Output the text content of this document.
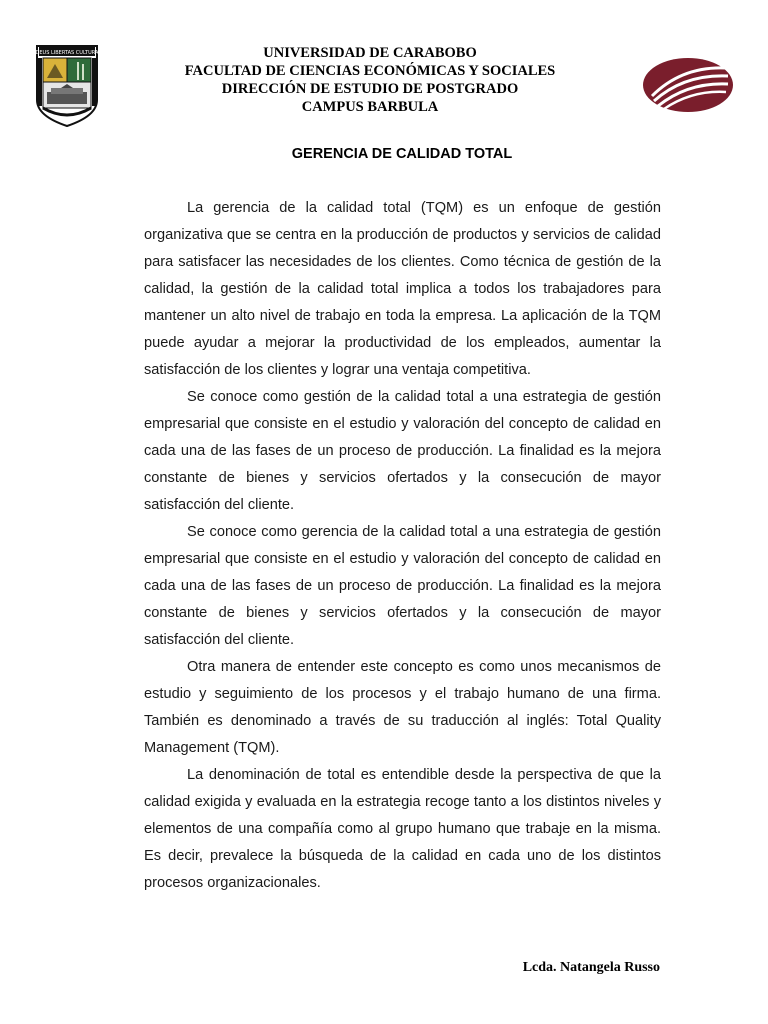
DEUS LIBERTAS CULTURA	UNIVERSIDAD DE CARABOBO
FACULTAD DE CIENCIAS ECONÓMICAS Y SOCIALES
DIRECCIÓN DE ESTUDIO DE POSTGRADO
CAMPUS BARBULA
GERENCIA DE CALIDAD TOTAL

La gerencia de la calidad total (TQM) es un enfoque de gestión organizativa que se centra en la producción de productos y servicios de calidad para satisfacer las necesidades de los clientes. Como técnica de gestión de la calidad, la gestión de la calidad total implica a todos los trabajadores para mantener un alto nivel de trabajo en toda la empresa. La aplicación de la TQM puede ayudar a mejorar la productividad de los empleados, aumentar la satisfacción de los clientes y lograr una ventaja competitiva.

Se conoce como gestión de la calidad total a una estrategia de gestión empresarial que consiste en el estudio y valoración del concepto de calidad en cada una de las fases de un proceso de producción. La finalidad es la mejora constante de bienes y servicios ofertados y la consecución de mayor satisfacción del cliente.

Se conoce como gerencia de la calidad total a una estrategia de gestión empresarial que consiste en el estudio y valoración del concepto de calidad en cada una de las fases de un proceso de producción. La finalidad es la mejora constante de bienes y servicios ofertados y la consecución de mayor satisfacción del cliente.

Otra manera de entender este concepto es como unos mecanismos de estudio y seguimiento de los procesos y el trabajo humano de una firma. También es denominado a través de su traducción al inglés: Total Quality Management (TQM).

La denominación de total es entendible desde la perspectiva de que la calidad exigida y evaluada en la estrategia recoge tanto a los distintos niveles y elementos de una compañía como al grupo humano que trabaje en la misma. Es decir, prevalece la búsqueda de la calidad en cada uno de los distintos procesos organizacionales.

Lcda. Natangela Russo
